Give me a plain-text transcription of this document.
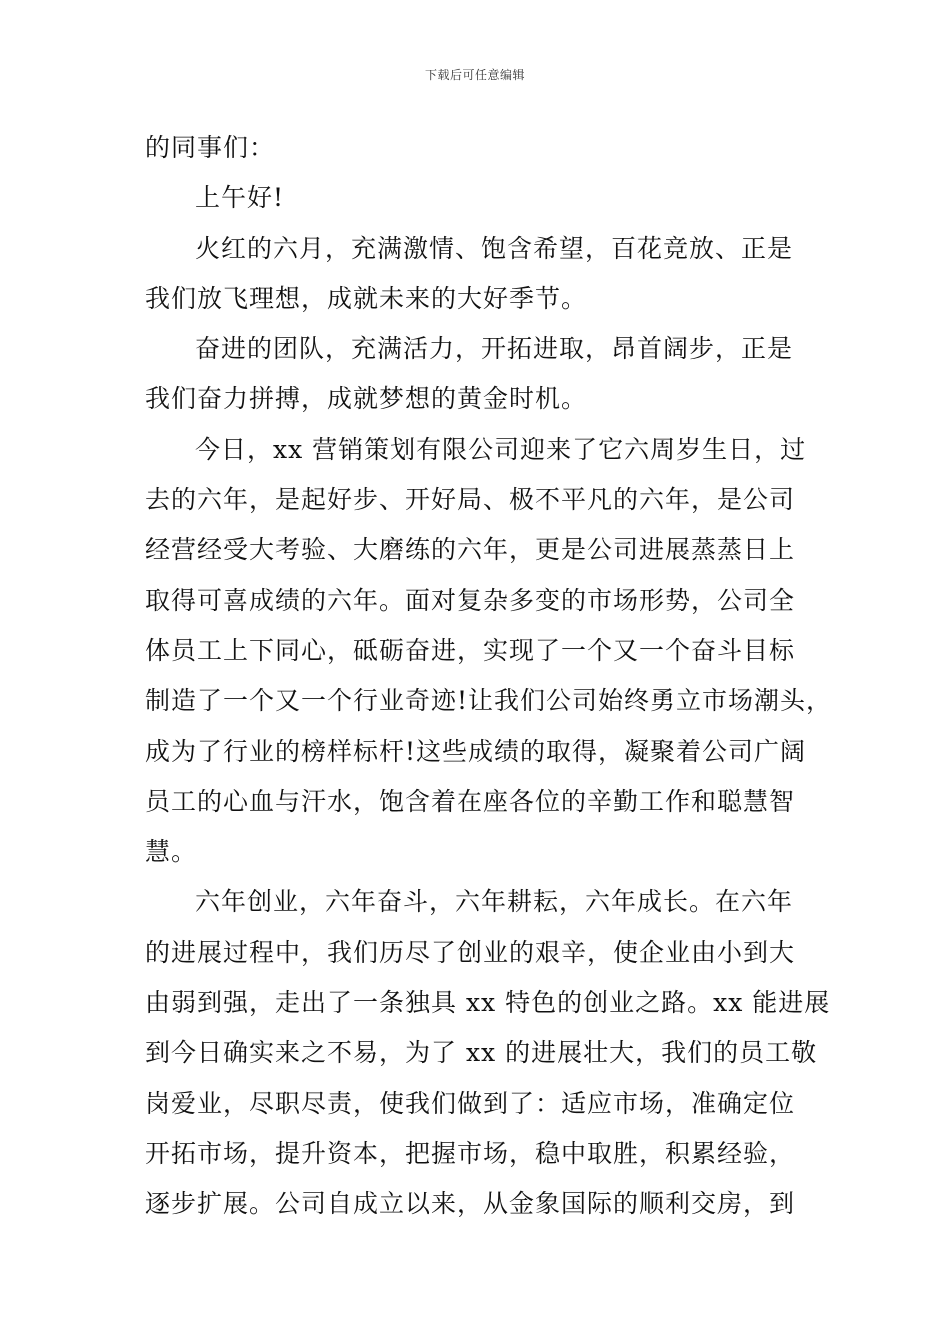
下载后可任意编辑
的同事们：
上午好!
火红的六月，充满激情、饱含希望，百花竞放、正是
我们放飞理想，成就未来的大好季节。
奋进的团队，充满活力，开拓进取，昂首阔步，正是
我们奋力拼搏，成就梦想的黄金时机。
今日，xx 营销策划有限公司迎来了它六周岁生日，过
去的六年，是起好步、开好局、极不平凡的六年，是公司
经营经受大考验、大磨练的六年，更是公司进展蒸蒸日上
取得可喜成绩的六年。面对复杂多变的市场形势，公司全
体员工上下同心，砥砺奋进，实现了一个又一个奋斗目标
制造了一个又一个行业奇迹!让我们公司始终勇立市场潮头，
成为了行业的榜样标杆!这些成绩的取得，凝聚着公司广阔
员工的心血与汗水，饱含着在座各位的辛勤工作和聪慧智
慧。
六年创业，六年奋斗，六年耕耘，六年成长。在六年
的进展过程中，我们历尽了创业的艰辛，使企业由小到大
由弱到强，走出了一条独具 xx 特色的创业之路。xx 能进展
到今日确实来之不易，为了 xx 的进展壮大，我们的员工敬
岗爱业，尽职尽责，使我们做到了：适应市场，准确定位
开拓市场，提升资本，把握市场，稳中取胜，积累经验，
逐步扩展。公司自成立以来，从金象国际的顺利交房，到
